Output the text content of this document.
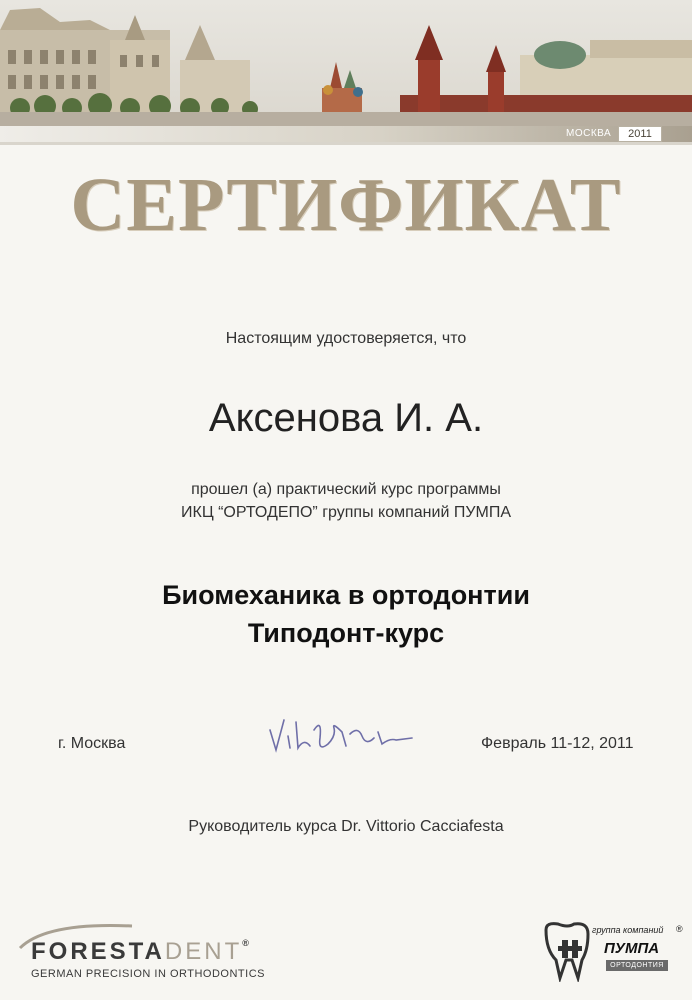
МОСКВА	2011
СЕРТИФИКАТ
Настоящим удостоверяется, что
Аксенова И. А.
прошел (а) практический курс программы
ИКЦ “ОРТОДЕПО” группы компаний ПУМПА
Биомеханика в ортодонтии
Типодонт-курс
г. Москва	Февраль 11-12, 2011
Руководитель курса Dr. Vittorio Cacciafesta
FORESTADENT®
GERMAN PRECISION IN ORTHODONTICS
группа компаний ®
ПУМПА
ОРТОДОНТИЯ
